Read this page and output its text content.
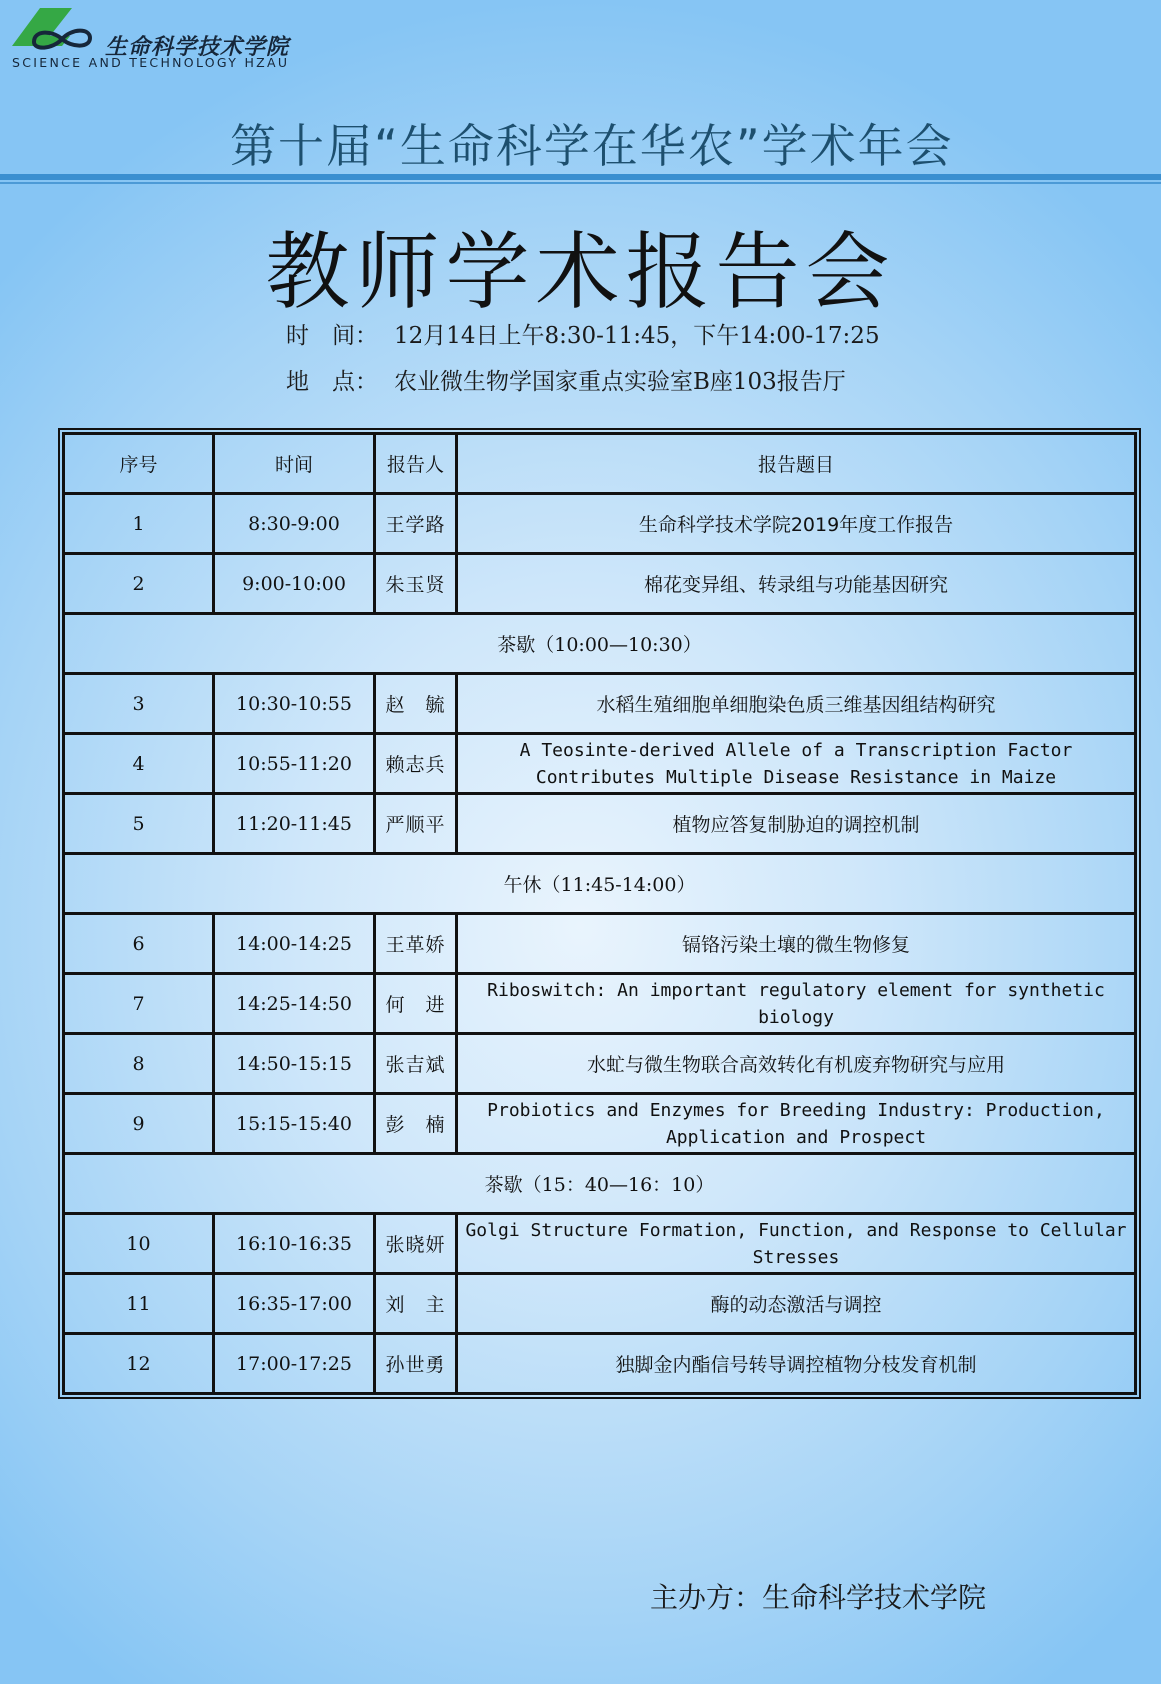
生命科学技术学院
SCIENCE AND TECHNOLOGY HZAU
第十届“生命科学在华农”学术年会
教师学术报告会
时　间： 12月14日上午8:30-11:45，下午14:00-17:25
地　点： 农业微生物学国家重点实验室B座103报告厅
序号	时间	报告人	报告题目
1	8:30-9:00	王学路	生命科学技术学院2019年度工作报告
2	9:00-10:00	朱玉贤	棉花变异组、转录组与功能基因研究
茶歇（10:00—10:30）			
3	10:30-10:55	赵　毓	水稻生殖细胞单细胞染色质三维基因组结构研究
4	10:55-11:20	赖志兵	A Teosinte-derived Allele of a Transcription Factor Contributes Multiple Disease Resistance in Maize
5	11:20-11:45	严顺平	植物应答复制胁迫的调控机制
午休（11:45-14:00）			
6	14:00-14:25	王革娇	镉铬污染土壤的微生物修复
7	14:25-14:50	何　进	Riboswitch: An important regulatory element for synthetic biology
8	14:50-15:15	张吉斌	水虻与微生物联合高效转化有机废弃物研究与应用
9	15:15-15:40	彭　楠	Probiotics and Enzymes for Breeding Industry: Production, Application and Prospect
茶歇（15：40—16：10）			
10	16:10-16:35	张晓妍	Golgi Structure Formation, Function, and Response to Cellular Stresses
11	16:35-17:00	刘　主	酶的动态激活与调控
12	17:00-17:25	孙世勇	独脚金内酯信号转导调控植物分枝发育机制
主办方：生命科学技术学院
